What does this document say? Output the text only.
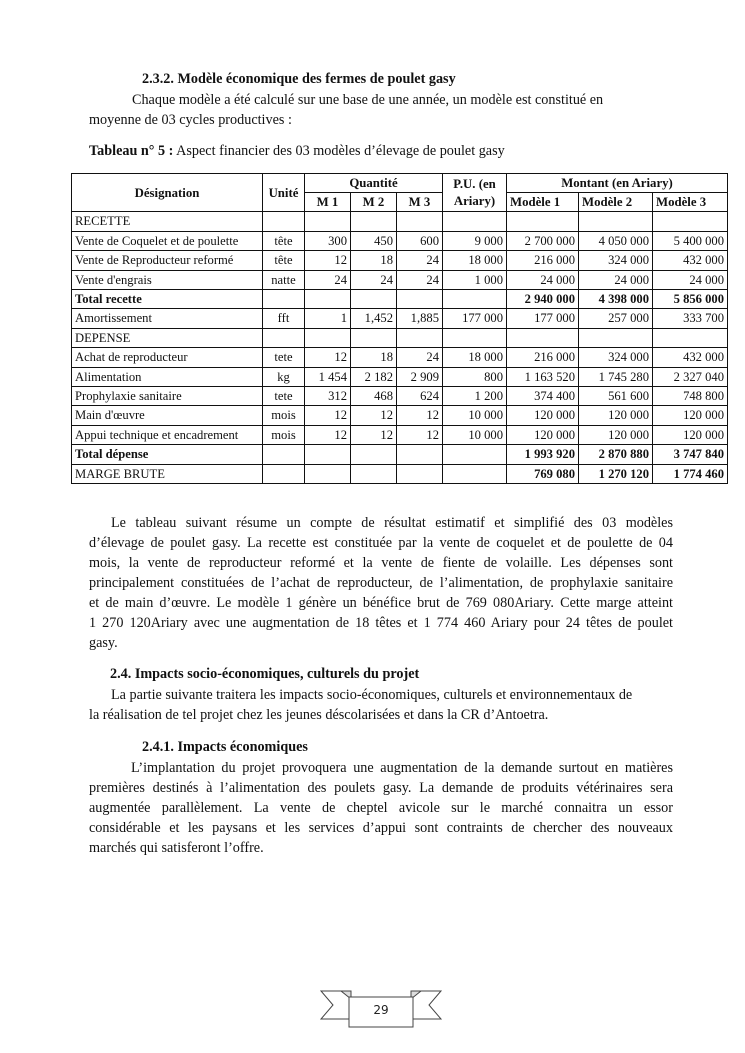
2.3.2. Modèle économique des fermes de poulet gasy
Chaque modèle a été calculé sur une base de une année, un modèle est constitué en
moyenne de 03 cycles productives :
Tableau n° 5 : Aspect financier des 03 modèles d’élevage de poulet gasy
Désignation	Unité	Quantité			P.U. (en
Ariary)	Montant (en Ariary)		
		M 1	M 2	M 3		Modèle 1	Modèle 2	Modèle 3
RECETTE								
Vente de Coquelet et de poulette	tête	300	450	600	9 000	2 700 000	4 050 000	5 400 000
Vente de Reproducteur reformé	tête	12	18	24	18 000	216 000	324 000	432 000
Vente d'engrais	natte	24	24	24	1 000	24 000	24 000	24 000
Total recette						2 940 000	4 398 000	5 856 000
Amortissement	fft	1	1,452	1,885	177 000	177 000	257 000	333 700
DEPENSE								
Achat de reproducteur	tete	12	18	24	18 000	216 000	324 000	432 000
Alimentation	kg	1 454	2 182	2 909	800	1 163 520	1 745 280	2 327 040
Prophylaxie sanitaire	tete	312	468	624	1 200	374 400	561 600	748 800
Main d'œuvre	mois	12	12	12	10 000	120 000	120 000	120 000
Appui technique et encadrement	mois	12	12	12	10 000	120 000	120 000	120 000
Total dépense						1 993 920	2 870 880	3 747 840
MARGE BRUTE						769 080	1 270 120	1 774 460
Le tableau suivant résume un compte de résultat estimatif et simplifié des 03 modèles
d’élevage de poulet gasy. La recette est constituée par la vente de coquelet et de poulette de 04
mois, la vente de reproducteur reformé et la vente de fiente de volaille. Les dépenses sont
principalement constituées de l’achat de reproducteur, de l’alimentation, de prophylaxie sanitaire
et de main d’œuvre. Le modèle 1 génère un bénéfice brut de 769 080Ariary. Cette marge atteint
1 270 120Ariary avec une augmentation de 18 têtes et 1 774 460 Ariary pour 24 têtes de poulet
gasy.
2.4. Impacts socio-économiques, culturels du projet
La partie suivante traitera les impacts socio-économiques, culturels et environnementaux de
la réalisation de tel projet chez les jeunes déscolarisées et dans la CR d’Antoetra.
2.4.1. Impacts économiques
L’implantation du projet provoquera une augmentation de la demande surtout en matières
premières destinés à l’alimentation des poulets gasy. La demande de produits vétérinaires sera
augmentée parallèlement. La vente de cheptel avicole sur le marché connaitra un essor
considérable et les paysans et les services d’appui sont contraints de chercher des nouveaux
marchés qui satisferont l’offre.
29
